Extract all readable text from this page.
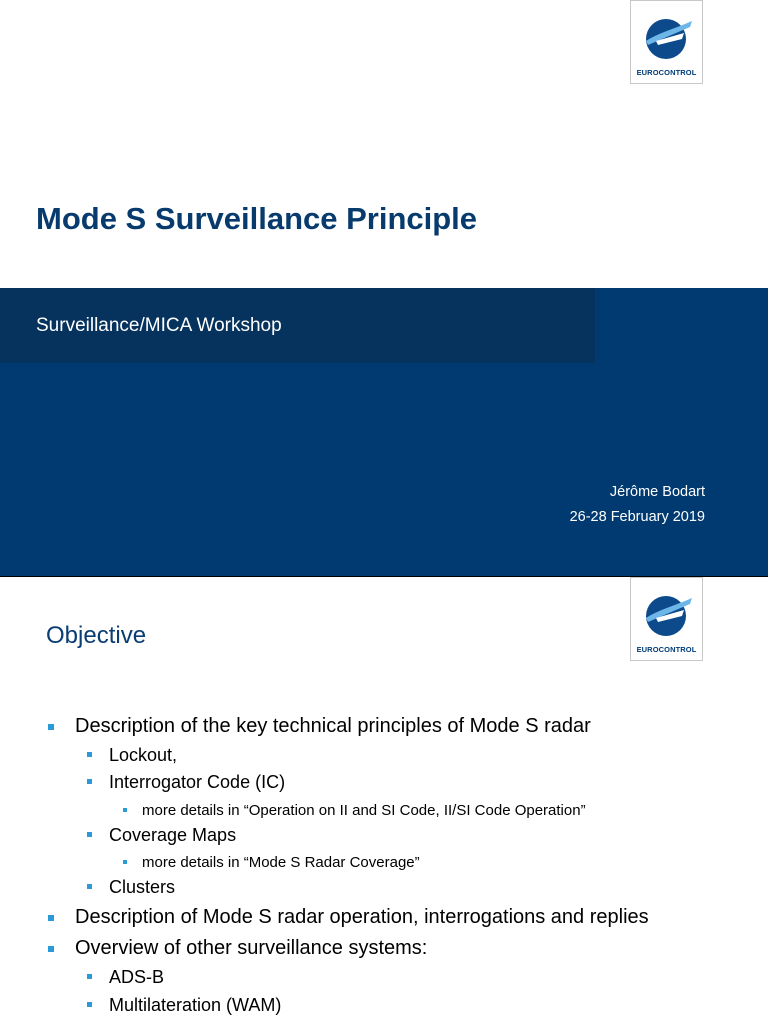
EUROCONTROL
Mode S Surveillance Principle
Surveillance/MICA Workshop
Jérôme Bodart
26-28 February 2019
EUROCONTROL
Objective
Description of the key technical principles of Mode S radar
Lockout,
Interrogator Code (IC)
more details in “Operation on II and SI Code, II/SI Code Operation”
Coverage Maps
more details in “Mode S Radar Coverage”
Clusters
Description of Mode S radar operation, interrogations and replies
Overview of other surveillance systems:
ADS-B
Multilateration (WAM)
